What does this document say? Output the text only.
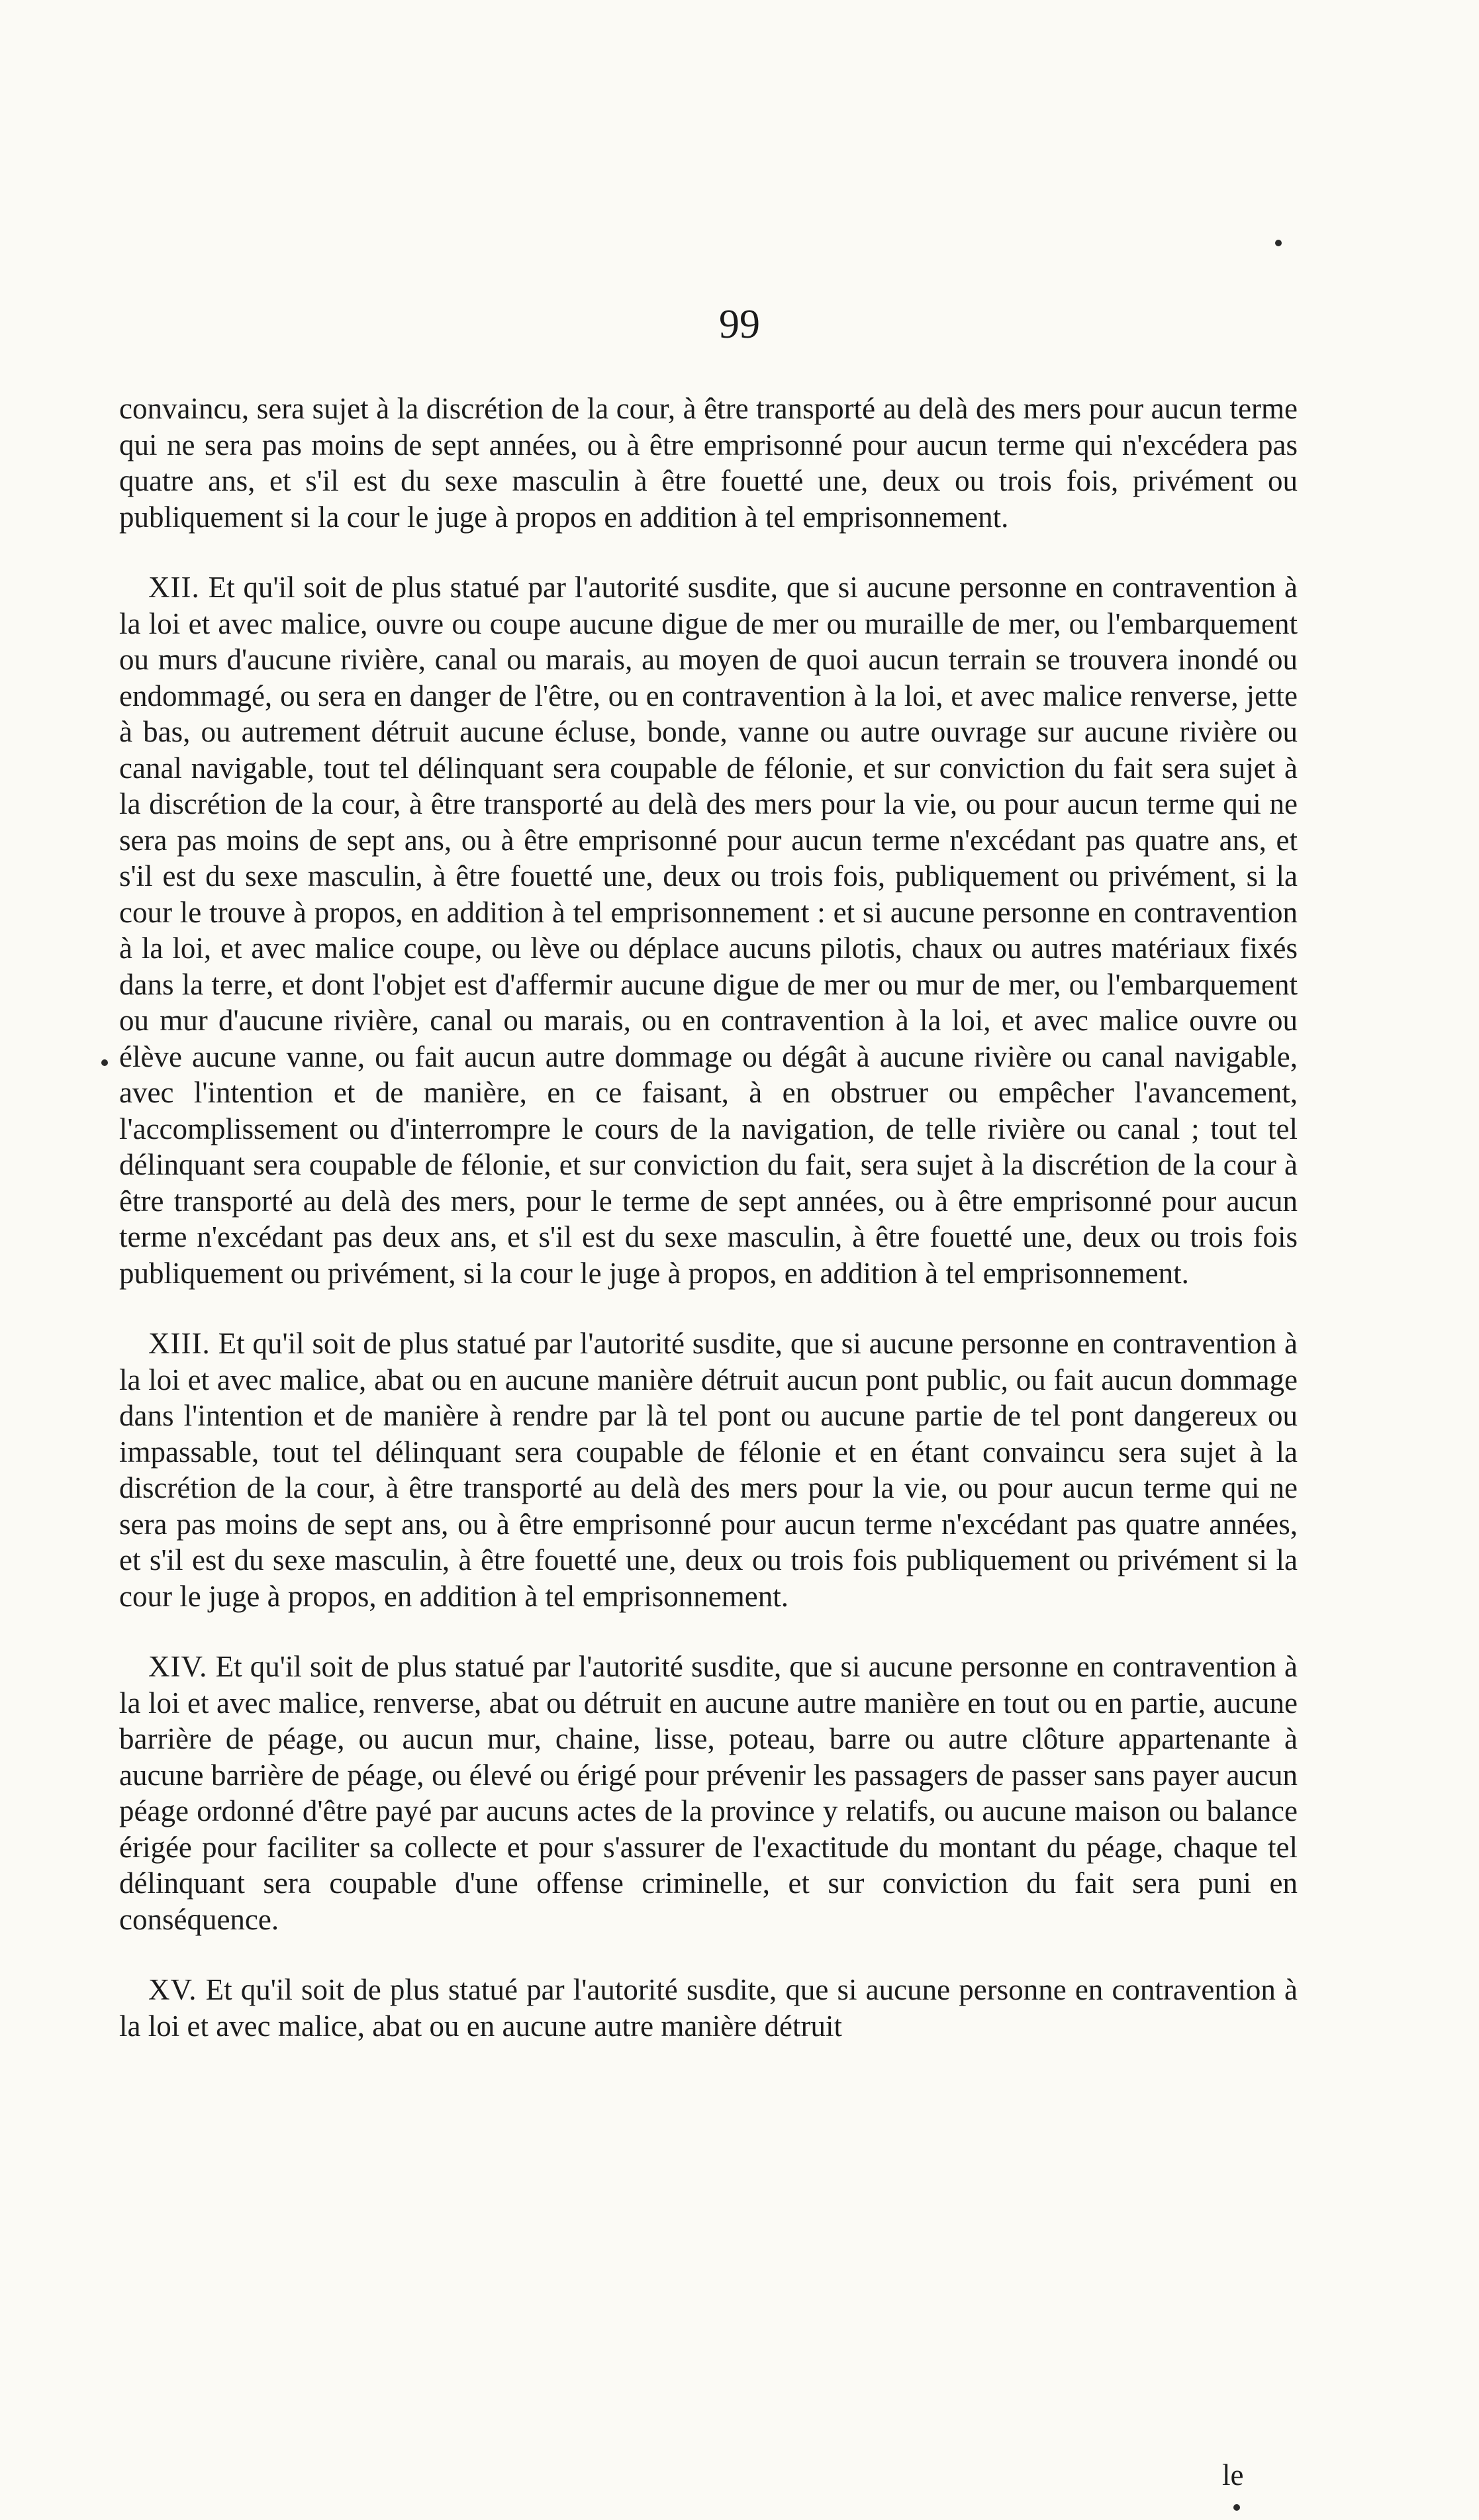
99

convaincu, sera sujet à la discrétion de la cour, à être transporté au delà des mers pour aucun terme qui ne sera pas moins de sept années, ou à être emprisonné pour aucun terme qui n'excédera pas quatre ans, et s'il est du sexe masculin à être fouetté une, deux ou trois fois, privément ou publiquement si la cour le juge à propos en addition à tel emprisonnement.

XII. Et qu'il soit de plus statué par l'autorité susdite, que si aucune personne en contravention à la loi et avec malice, ouvre ou coupe aucune digue de mer ou muraille de mer, ou l'embarquement ou murs d'aucune rivière, canal ou marais, au moyen de quoi aucun terrain se trouvera inondé ou endommagé, ou sera en danger de l'être, ou en contravention à la loi, et avec malice renverse, jette à bas, ou autrement détruit aucune écluse, bonde, vanne ou autre ouvrage sur aucune rivière ou canal navigable, tout tel délinquant sera coupable de félonie, et sur conviction du fait sera sujet à la discrétion de la cour, à être transporté au delà des mers pour la vie, ou pour aucun terme qui ne sera pas moins de sept ans, ou à être emprisonné pour aucun terme n'excédant pas quatre ans, et s'il est du sexe masculin, à être fouetté une, deux ou trois fois, publiquement ou privément, si la cour le trouve à propos, en addition à tel emprisonnement : et si aucune personne en contravention à la loi, et avec malice coupe, ou lève ou déplace aucuns pilotis, chaux ou autres matériaux fixés dans la terre, et dont l'objet est d'affermir aucune digue de mer ou mur de mer, ou l'embarquement ou mur d'aucune rivière, canal ou marais, ou en contravention à la loi, et avec malice ouvre ou élève aucune vanne, ou fait aucun autre dommage ou dégât à aucune rivière ou canal navigable, avec l'intention et de manière, en ce faisant, à en obstruer ou empêcher l'avancement, l'accomplissement ou d'interrompre le cours de la navigation, de telle rivière ou canal ; tout tel délinquant sera coupable de félonie, et sur conviction du fait, sera sujet à la discrétion de la cour à être transporté au delà des mers, pour le terme de sept années, ou à être emprisonné pour aucun terme n'excédant pas deux ans, et s'il est du sexe masculin, à être fouetté une, deux ou trois fois publiquement ou privément, si la cour le juge à propos, en addition à tel emprisonnement.

XIII. Et qu'il soit de plus statué par l'autorité susdite, que si aucune personne en contravention à la loi et avec malice, abat ou en aucune manière détruit aucun pont public, ou fait aucun dommage dans l'intention et de manière à rendre par là tel pont ou aucune partie de tel pont dangereux ou impassable, tout tel délinquant sera coupable de félonie et en étant convaincu sera sujet à la discrétion de la cour, à être transporté au delà des mers pour la vie, ou pour aucun terme qui ne sera pas moins de sept ans, ou à être emprisonné pour aucun terme n'excédant pas quatre années, et s'il est du sexe masculin, à être fouetté une, deux ou trois fois publiquement ou privément si la cour le juge à propos, en addition à tel emprisonnement.

XIV. Et qu'il soit de plus statué par l'autorité susdite, que si aucune personne en contravention à la loi et avec malice, renverse, abat ou détruit en aucune autre manière en tout ou en partie, aucune barrière de péage, ou aucun mur, chaine, lisse, poteau, barre ou autre clôture appartenante à aucune barrière de péage, ou élevé ou érigé pour prévenir les passagers de passer sans payer aucun péage ordonné d'être payé par aucuns actes de la province y relatifs, ou aucune maison ou balance érigée pour faciliter sa collecte et pour s'assurer de l'exactitude du montant du péage, chaque tel délinquant sera coupable d'une offense criminelle, et sur conviction du fait sera puni en conséquence.

XV. Et qu'il soit de plus statué par l'autorité susdite, que si aucune personne en contravention à la loi et avec malice, abat ou en aucune autre manière détruit

le
